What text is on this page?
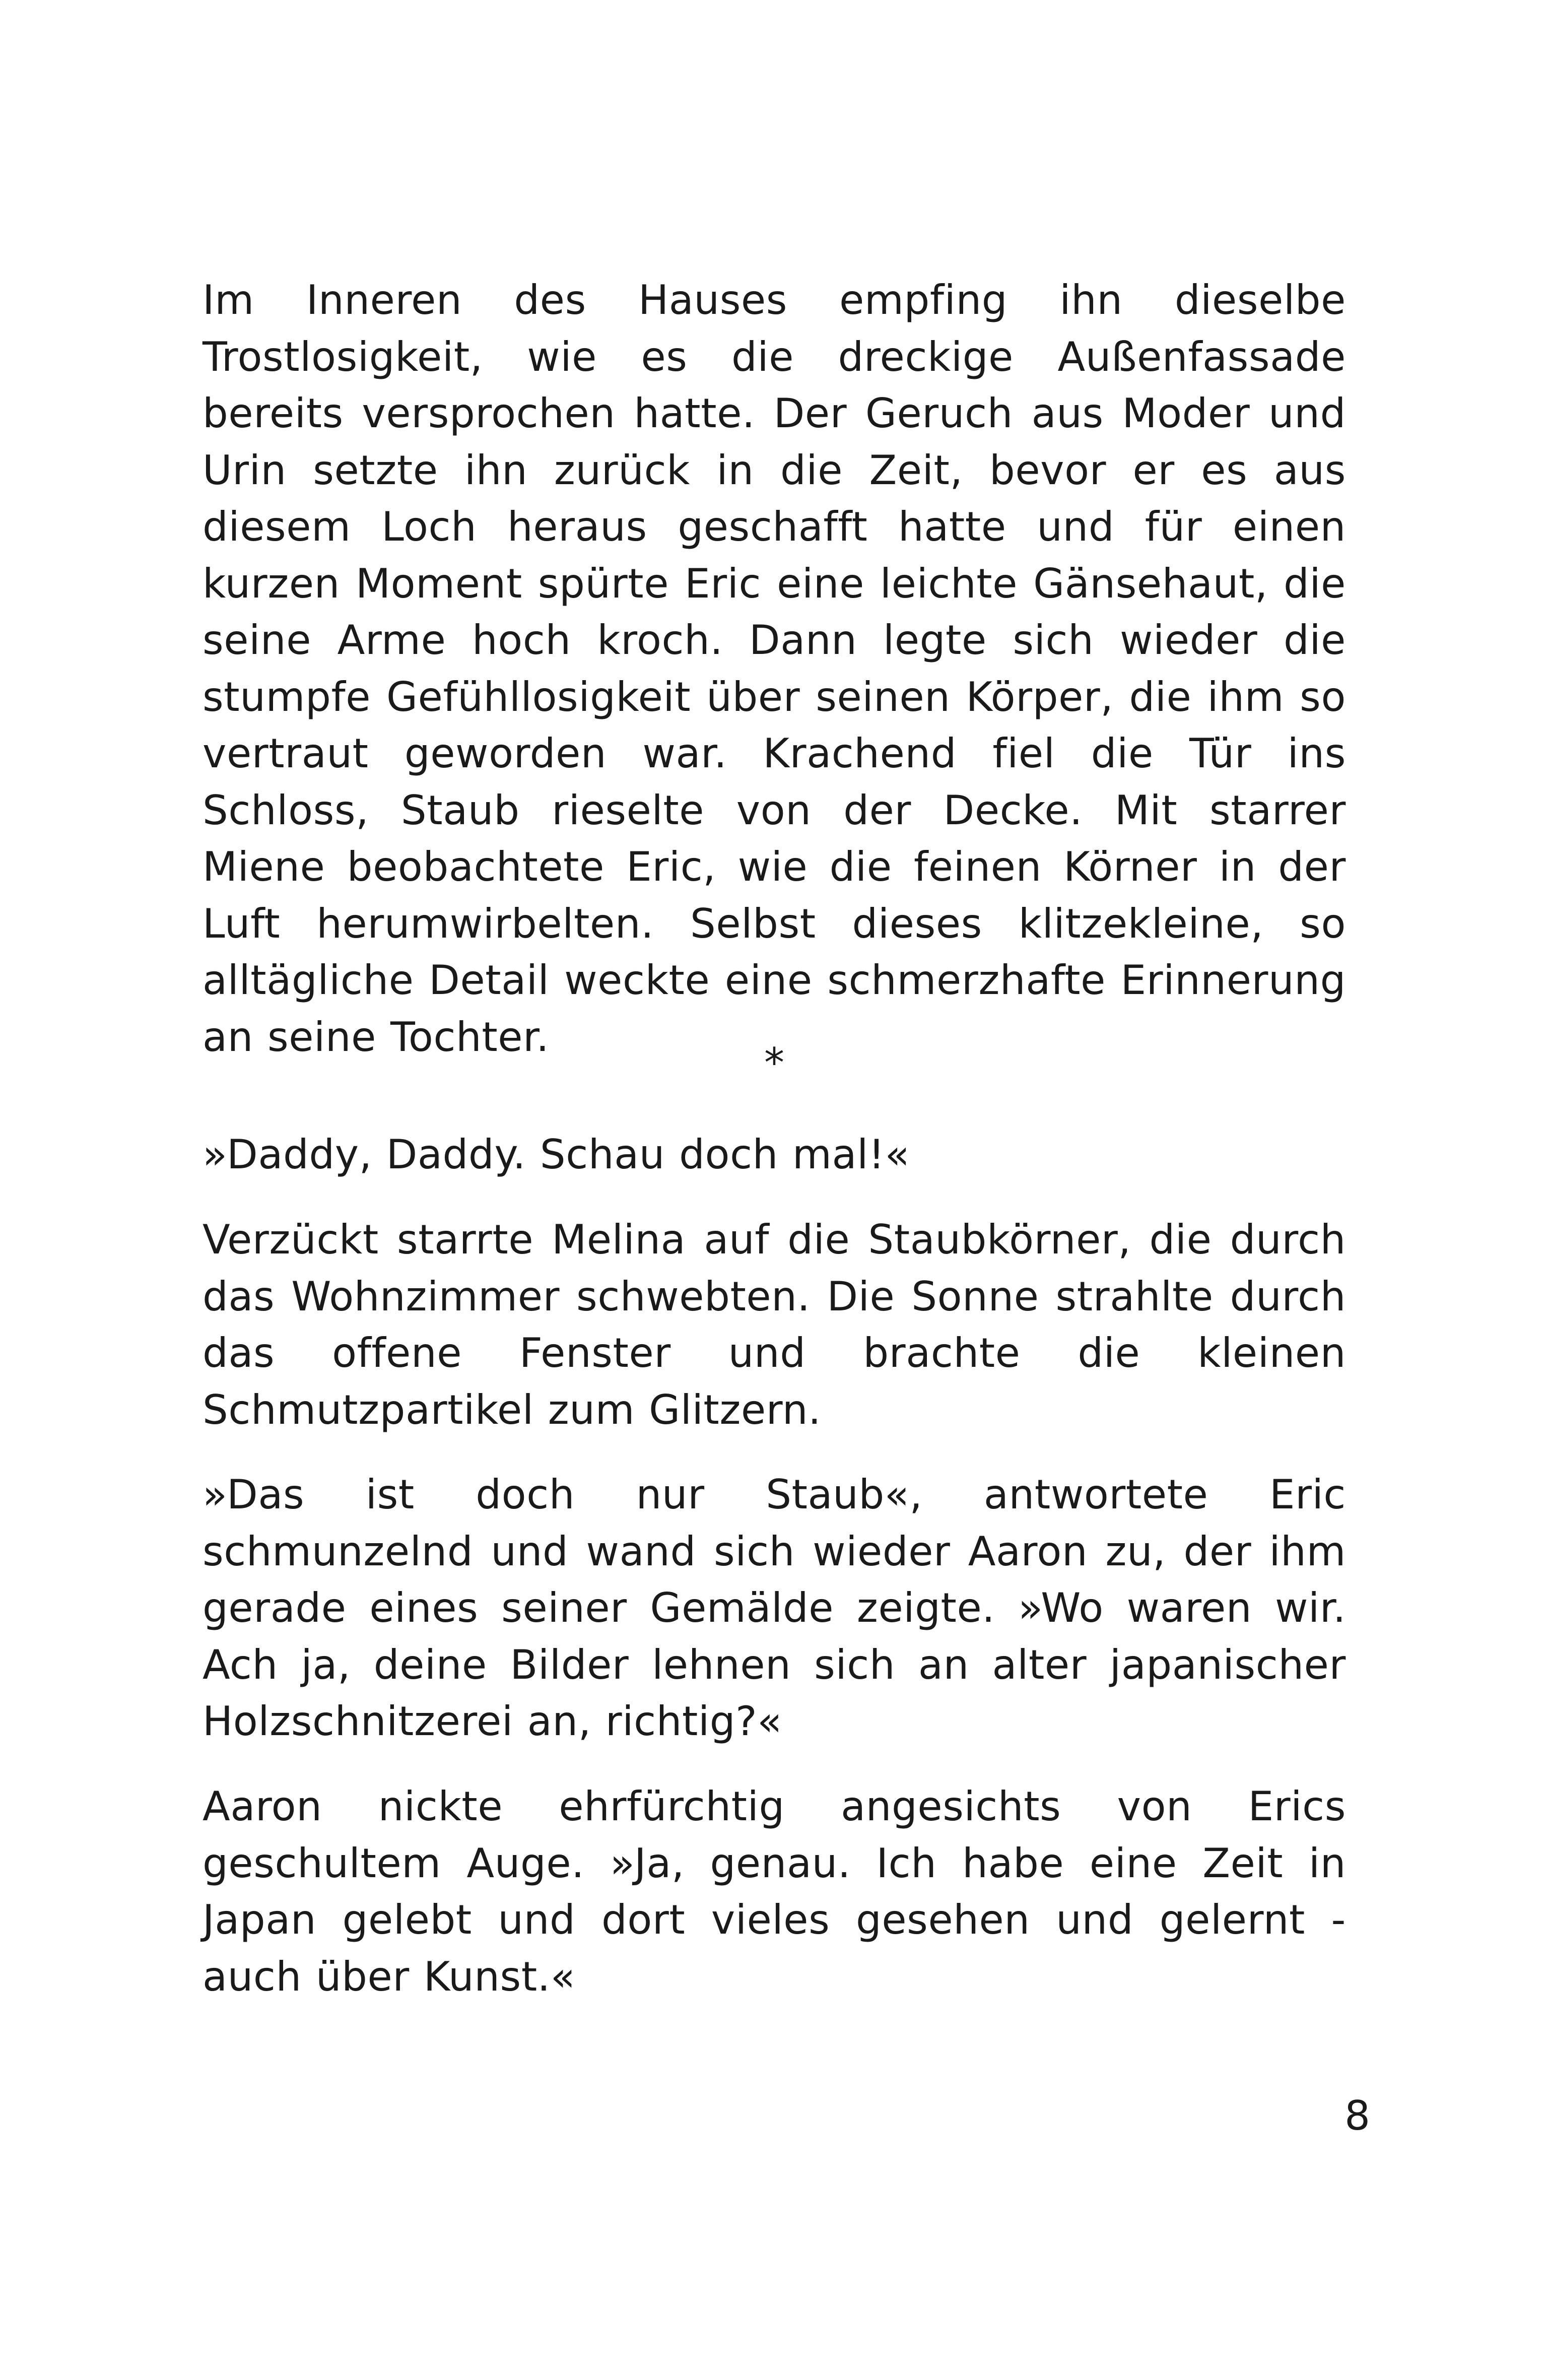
Im Inneren des Hauses empfing ihn dieselbe Trostlosigkeit, wie es die dreckige Außenfassade bereits versprochen hatte. Der Geruch aus Moder und Urin setzte ihn zurück in die Zeit, bevor er es aus diesem Loch heraus geschafft hatte und für einen kurzen Moment spürte Eric eine leichte Gänsehaut, die seine Arme hoch kroch. Dann legte sich wieder die stumpfe Gefühllosigkeit über seinen Körper, die ihm so vertraut geworden war. Krachend fiel die Tür ins Schloss, Staub rieselte von der Decke. Mit starrer Miene beobachtete Eric, wie die feinen Körner in der Luft herumwirbelten. Selbst dieses klitzekleine, so alltägliche Detail weckte eine schmerzhafte Erinnerung an seine Tochter.

*

»Daddy, Daddy. Schau doch mal!«

Verzückt starrte Melina auf die Staubkörner, die durch das Wohnzimmer schwebten. Die Sonne strahlte durch das offene Fenster und brachte die kleinen Schmutzpartikel zum Glitzern.

»Das ist doch nur Staub«, antwortete Eric schmunzelnd und wand sich wieder Aaron zu, der ihm gerade eines seiner Gemälde zeigte. »Wo waren wir. Ach ja, deine Bilder lehnen sich an alter japanischer Holzschnitzerei an, richtig?«

Aaron nickte ehrfürchtig angesichts von Erics geschultem Auge. »Ja, genau. Ich habe eine Zeit in Japan gelebt und dort vieles gesehen und gelernt - auch über Kunst.«

8
